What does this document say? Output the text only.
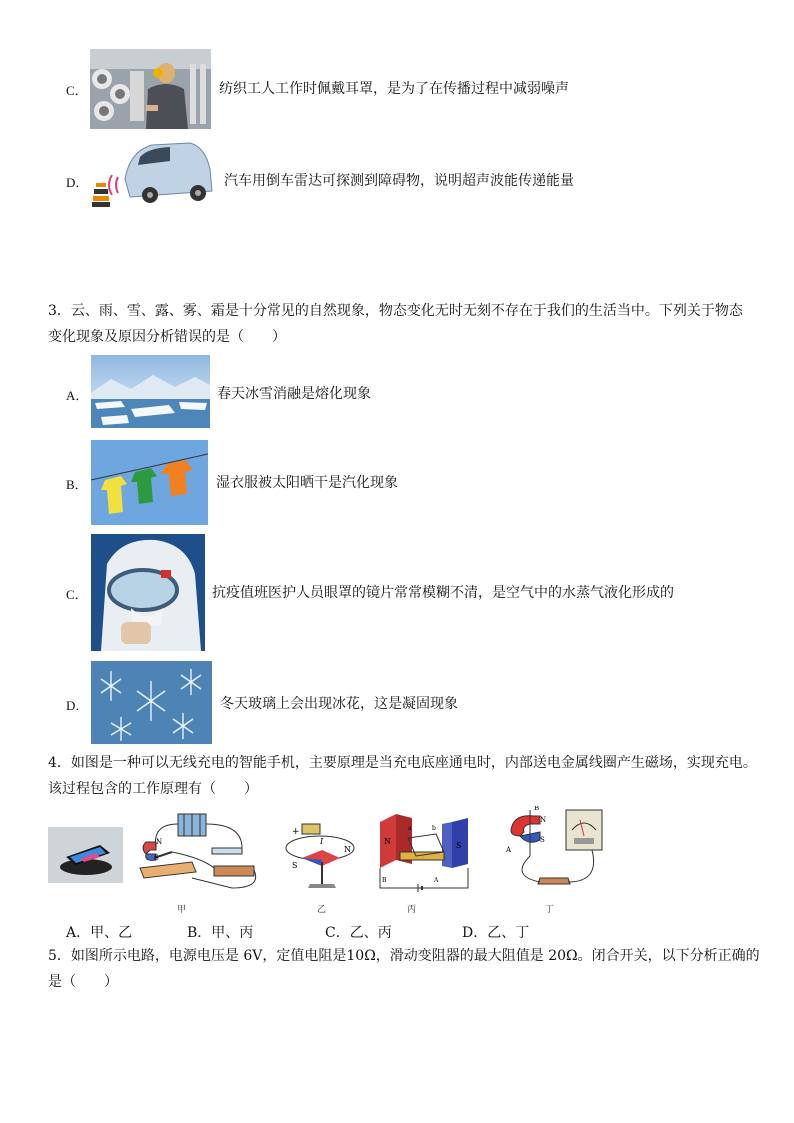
C．	纺织工人工作时佩戴耳罩，是为了在传播过程中减弱噪声
D．	汽车用倒车雷达可探测到障碍物，说明超声波能传递能量
3．云、雨、雪、露、雾、霜是十分常见的自然现象，物态变化无时无刻不存在于我们的生活当中。下列关于物态
变化现象及原因分析错误的是（　　）
A．	春天冰雪消融是熔化现象
B．	湿衣服被太阳晒干是汽化现象
C．	抗疫值班医护人员眼罩的镜片常常模糊不清，是空气中的水蒸气液化形成的
D．	冬天玻璃上会出现冰花，这是凝固现象
4．如图是一种可以无线充电的智能手机，主要原理是当充电底座通电时，内部送电金属线圈产生磁场，实现充电。
该过程包含的工作原理有（　　）
N
S
甲
+
S
N
I
乙
N	S
a	b
B	A
丙
N
S
A
B
丁
A．甲、乙	B．甲、丙	C．乙、丙	D．乙、丁
5．如图所示电路，电源电压是 6V，定值电阻是10Ω，滑动变阻器的最大阻值是 20Ω。闭合开关，以下分析正确的
是（　　）
